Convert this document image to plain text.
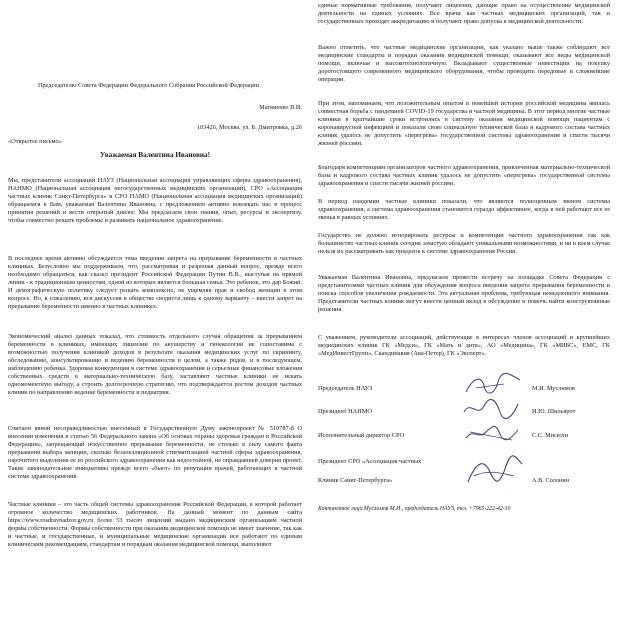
Председателю Совета Федерации Федерального Собрания Российской Федерации
Матвиенко В.И.
103426, Москва, ул. Б. Дмитровка, д.26
«Открытое письмо»
Уважаемая Валентина Ивановна!
Мы, представители ассоциаций НАУЗ (Национальная ассоциация управляющих сферы здравоохранения), НАНМО (Национальная ассоциация негосударственных медицинских организаций), СРО «Ассоциация частных клиник Санкт-Петербурга» и СРО НАМО (Национальная ассоциация медицинских организаций) обращаемся к Вам, уважаемая Валентина Ивановна, с предложением активно вовлекать нас в процесс принятия решений и вести открытый диалог. Мы предлагаем свои знания, опыт, ресурсы и экспертизу, чтобы совместно решать проблемы и развивать национальное здравоохранение.
В последнее время активно обсуждается тема введения запрета на прерывание беременности в частных клиниках. Безусловно мы поддерживаем, что, рассматривая и разрешая данный вопрос, прежде всего необходимо обращаться, как сказал президент Российской Федерации Путин В.В., выступая на прямой линии - к традиционным ценностям, одной из которых является большая семья. Это ребенок, это дар Божий. И демографическую политику следует решать комплексно, не ущемляя прав и свобод женщин в этом вопросе. Но, к сожалению, вся дискуссия в обществе сводится лишь к одному варианту – ввести запрет на прерывание беременности именно в частных клиниках.
Экономический анализ данных показал, что стоимость отдельного случая обращения за прерыванием беременности в клиниках, имеющих лицензии по акушерству и гинекологии не сопоставима с возможностью получения клиникой доходов в результате оказания медицинских услуг по скринингу, обследованию, консультированию и ведению беременности в целом, а также родов, и в последующем, наблюдению ребенка. Здоровая конкуренция в системе здравоохранения и серьезные финансовые вложения собственных средств в материально-техническую базу, заставляют частные клиники не искать одномоментную выгоду, а строить долгосрочную стратегию, что подтверждается ростом доходов частных клиник по направлению ведение беременности и педиатрия.
Считаем явной несправедливостью внесенный в Государственную Думу законопроект № 510787-8 О внесении изменения в статью 56 Федерального закона «Об основах охраны здоровья граждан в Российской Федерации», запрещающий искусственное прерывание беременности, не столько к силу самого факта прерывания выбора женщин, сколько безапелляционной стигматизацией частной сферы здравоохранения, нарочитого выделения ее из российского здравоохранения как недостойной, не оправдавшей доверия проект. Такие законодательные инициативы прежде всего «бьют» по репутации врачей, работающих в частной системе здравоохранения.
Частные клиники – это часть общей системы здравоохранения Российской Федерации, в которой работает огромное количество медицинских работников. На данный момент по данным сайта https://www.rosdravnadzor.gov.ru более 53 тысяч лицензий выдано медицинским организациям частной формы собственности. Формы собственности при оказании медицинской помощи не имеет значение, так как и частные, и государственные, и муниципальные медицинские организации все работают по единым клиническим рекомендациям, стандартам и порядкам оказания медицинской помощи, выполняют
единые нормативные требования, получают лицензии, дающие право на осуществление медицинской деятельности на единых условиях. Все врачи как частных медицинских организаций, так и государственных проходят аккредитацию и получают право допуска к медицинской деятельности.
Важно отметить, что частные медицинские организации, как указано выше также соблюдают все медицинские стандарты и порядки оказания медицинской помощи, оказывают все виды медицинской помощи, включая и высокотехнологичную. Вкладывают существенные инвестиции на покупку дорогостоящего современного медицинского оборудования, чтобы проводить передовые и сложнейшие операции.
При этом, напоминаем, что положительным опытом в новейшей истории российской медицины явилась совместная борьба с пандемией COVID-19 государства и частной медицины. В этот период многие частные клиники в кратчайшие сроки встроились в систему оказания медицинской помощи пациентам с коронавирусной инфекцией и показали свою социальную технической базы и кадрового состава частных клиник удалось не допустить «перегрева» государственной системы здравоохранения и спасти тысячи жизней россиян.
Благодаря компетенциям организаторов частного здравоохранения, привлеченная материально-технической базы и кадрового состава частных клиник удалось не допустить «перегрева» государственной системы здравоохранения и спасти тысячи жизней россиян.
В период пандемии частные клиники показали, что являются полноценным звеном системы здравоохранения, а система здравоохранения становится гораздо эффективнее, когда в ней работают все ее звенья в равных условиях.
Государство не должно игнорировать ресурсы и компетенции частного здравоохранения так как большинство частных клиник сегодня зачастую обладают уникальными возможностями, и ни в коем случае нельзя их рассматривать как придаток к системе здравоохранения России.
Уважаемая Валентина Ивановна, предлагаем провести встречу на площадке Совета Федерации с представителями частных клиник для обсуждения вопроса введения запрета прерывания беременности и поиска способов увеличения рождаемости. Эта актуальная проблема, требующая немедленного внимания. Представители частных клиник могут внести ценный вклад в обсуждение и помочь найти конструктивные решения.
С уважением, руководители ассоциаций, действующие в интересах членов ассоциаций и крупнейших медицинских клиник ГК «Медси», ГК «Мать и дитя», АО «Медицина», ГК «МИБС», ЕМС, ГК «МедИнвестГрупп», Скандинавия (Ава-Петер), ГК «Эксперт».
Председатель НАУЗ	М.И. Муслимов
Президент НАНМО	И.Ю. Шильярот
Исполнительный директор СРО	С.С. Мисюли
Президент СРО «Ассоциация частных
Клиник Санкт-Петербурга»	А.В. Солонин
Контактное лицо Муслимов М.И., председатель НАУЗ, тел. +7965-222-42-10
